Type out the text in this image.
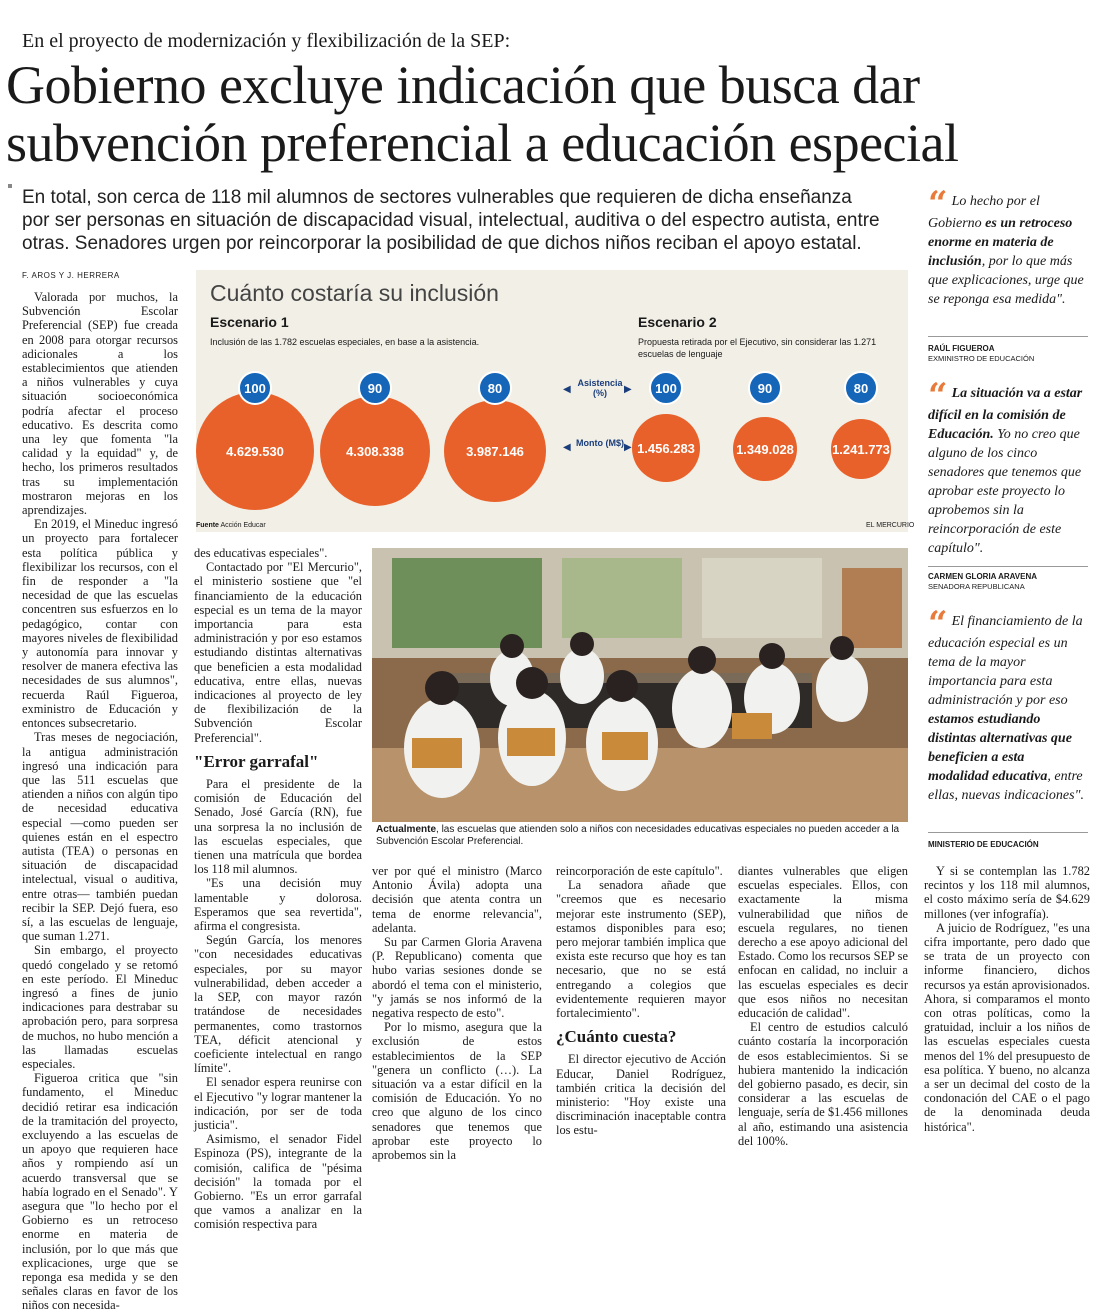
En el proyecto de modernización y flexibilización de la SEP:
Gobierno excluye indicación que busca dar
subvención preferencial a educación especial
En total, son cerca de 118 mil alumnos de sectores vulnerables que requieren de dicha enseñanza por ser personas en situación de discapacidad visual, intelectual, auditiva o del espectro autista, entre otras. Senadores urgen por reincorporar la posibilidad de que dichos niños reciban el apoyo estatal.
F. AROS Y J. HERRERA

Valorada por muchos, la Subvención Escolar Preferencial (SEP) fue creada en 2008 para otorgar recursos adicionales a los establecimientos que atienden a niños vulnerables y cuya situación socioeconómica podría afectar el proceso educativo. Es descrita como una ley que fomenta "la calidad y la equidad" y, de hecho, los primeros resultados tras su implementación mostraron mejoras en los aprendizajes.

En 2019, el Mineduc ingresó un proyecto para fortalecer esta política pública y flexibilizar los recursos, con el fin de responder a "la necesidad de que las escuelas concentren sus esfuerzos en lo pedagógico, contar con mayores niveles de flexibilidad y autonomía para innovar y resolver de manera efectiva las necesidades de sus alumnos", recuerda Raúl Figueroa, exministro de Educación y entonces subsecretario.

Tras meses de negociación, la antigua administración ingresó una indicación para que las 511 escuelas que atienden a niños con algún tipo de necesidad educativa especial —como pueden ser quienes están en el espectro autista (TEA) o personas en situación de discapacidad intelectual, visual o auditiva, entre otras— también puedan recibir la SEP. Dejó fuera, eso sí, a las escuelas de lenguaje, que suman 1.271.

Sin embargo, el proyecto quedó congelado y se retomó en este período. El Mineduc ingresó a fines de junio indicaciones para destrabar su aprobación pero, para sorpresa de muchos, no hubo mención a las llamadas escuelas especiales.

Figueroa critica que "sin fundamento, el Mineduc decidió retirar esa indicación de la tramitación del proyecto, excluyendo a las escuelas de un apoyo que requieren hace años y rompiendo así un acuerdo transversal que se había logrado en el Senado". Y asegura que "lo hecho por el Gobierno es un retroceso enorme en materia de inclusión, por lo que más que explicaciones, urge que se reponga esa medida y se den señales claras en favor de los niños con necesida-

Cuánto costaría su inclusión
Escenario 1
Inclusión de las 1.782 escuelas especiales, en base a la asistencia.
Escenario 2
Propuesta retirada por el Ejecutivo, sin considerar las 1.271 escuelas de lenguaje
4.629.530	4.308.338	3.987.146	1.456.283	1.349.028	1.241.773
100	90	80	100	90	80
Asistencia (%)
◀	▶
Monto (M$)
◀	▶
Fuente Acción Educar	EL MERCURIO

des educativas especiales".

Contactado por "El Mercurio", el ministerio sostiene que "el financiamiento de la educación especial es un tema de la mayor importancia para esta administración y por eso estamos estudiando distintas alternativas que beneficien a esta modalidad educativa, entre ellas, nuevas indicaciones al proyecto de ley de flexibilización de la Subvención Escolar Preferencial".

"Error garrafal"

Para el presidente de la comisión de Educación del Senado, José García (RN), fue una sorpresa la no inclusión de las escuelas especiales, que tienen una matrícula que bordea los 118 mil alumnos.

"Es una decisión muy lamentable y dolorosa. Esperamos que sea revertida", afirma el congresista.

Según García, los menores "con necesidades educativas especiales, por su mayor vulnerabilidad, deben acceder a la SEP, con mayor razón tratándose de necesidades permanentes, como trastornos TEA, déficit atencional y coeficiente intelectual en rango límite".

El senador espera reunirse con el Ejecutivo "y lograr mantener la indicación, por ser de toda justicia".

Asimismo, el senador Fidel Espinoza (PS), integrante de la comisión, califica de "pésima decisión" la tomada por el Gobierno. "Es un error garrafal que vamos a analizar en la comisión respectiva para

Actualmente, las escuelas que atienden solo a niños con necesidades educativas especiales no pueden acceder a la Subvención Escolar Preferencial.

ver por qué el ministro (Marco Antonio Ávila) adopta una decisión que atenta contra un tema de enorme relevancia", adelanta.

Su par Carmen Gloria Aravena (P. Republicano) comenta que hubo varias sesiones donde se abordó el tema con el ministerio, "y jamás se nos informó de la negativa respecto de esto".

Por lo mismo, asegura que la exclusión de estos establecimientos de la SEP "genera un conflicto (…). La situación va a estar difícil en la comisión de Educación. Yo no creo que alguno de los cinco senadores que tenemos que aprobar este proyecto lo aprobemos sin la

reincorporación de este capítulo".

La senadora añade que "creemos que es necesario mejorar este instrumento (SEP), estamos disponibles para eso; pero mejorar también implica que exista este recurso que hoy es tan necesario, que no se está entregando a colegios que evidentemente requieren mayor fortalecimiento".

¿Cuánto cuesta?

El director ejecutivo de Acción Educar, Daniel Rodríguez, también critica la decisión del ministerio: "Hoy existe una discriminación inaceptable contra los estu-

diantes vulnerables que eligen escuelas especiales. Ellos, con exactamente la misma vulnerabilidad que niños de escuela regulares, no tienen derecho a ese apoyo adicional del Estado. Como los recursos SEP se enfocan en calidad, no incluir a las escuelas especiales es decir que esos niños no necesitan educación de calidad".

El centro de estudios calculó cuánto costaría la incorporación de esos establecimientos. Si se hubiera mantenido la indicación del gobierno pasado, es decir, sin considerar a las escuelas de lenguaje, sería de $1.456 millones al año, estimando una asistencia del 100%.

Y si se contemplan las 1.782 recintos y los 118 mil alumnos, el costo máximo sería de $4.629 millones (ver infografía).

A juicio de Rodríguez, "es una cifra importante, pero dado que se trata de un proyecto con informe financiero, dichos recursos ya están aprovisionados. Ahora, si comparamos el monto con otras políticas, como la gratuidad, incluir a los niños de las escuelas especiales cuesta menos del 1% del presupuesto de esa política. Y bueno, no alcanza a ser un decimal del costo de la condonación del CAE o el pago de la denominada deuda histórica".

“ Lo hecho por el Gobierno es un retroceso enorme en materia de inclusión, por lo que más que explicaciones, urge que se reponga esa medida".
RAÚL FIGUEROA
EXMINISTRO DE EDUCACIÓN
“ La situación va a estar difícil en la comisión de Educación. Yo no creo que alguno de los cinco senadores que tenemos que aprobar este proyecto lo aprobemos sin la reincorporación de este capítulo".
CARMEN GLORIA ARAVENA
SENADORA REPUBLICANA
“ El financiamiento de la educación especial es un tema de la mayor importancia para esta administración y por eso estamos estudiando distintas alternativas que beneficien a esta modalidad educativa, entre ellas, nuevas indicaciones".
MINISTERIO DE EDUCACIÓN
